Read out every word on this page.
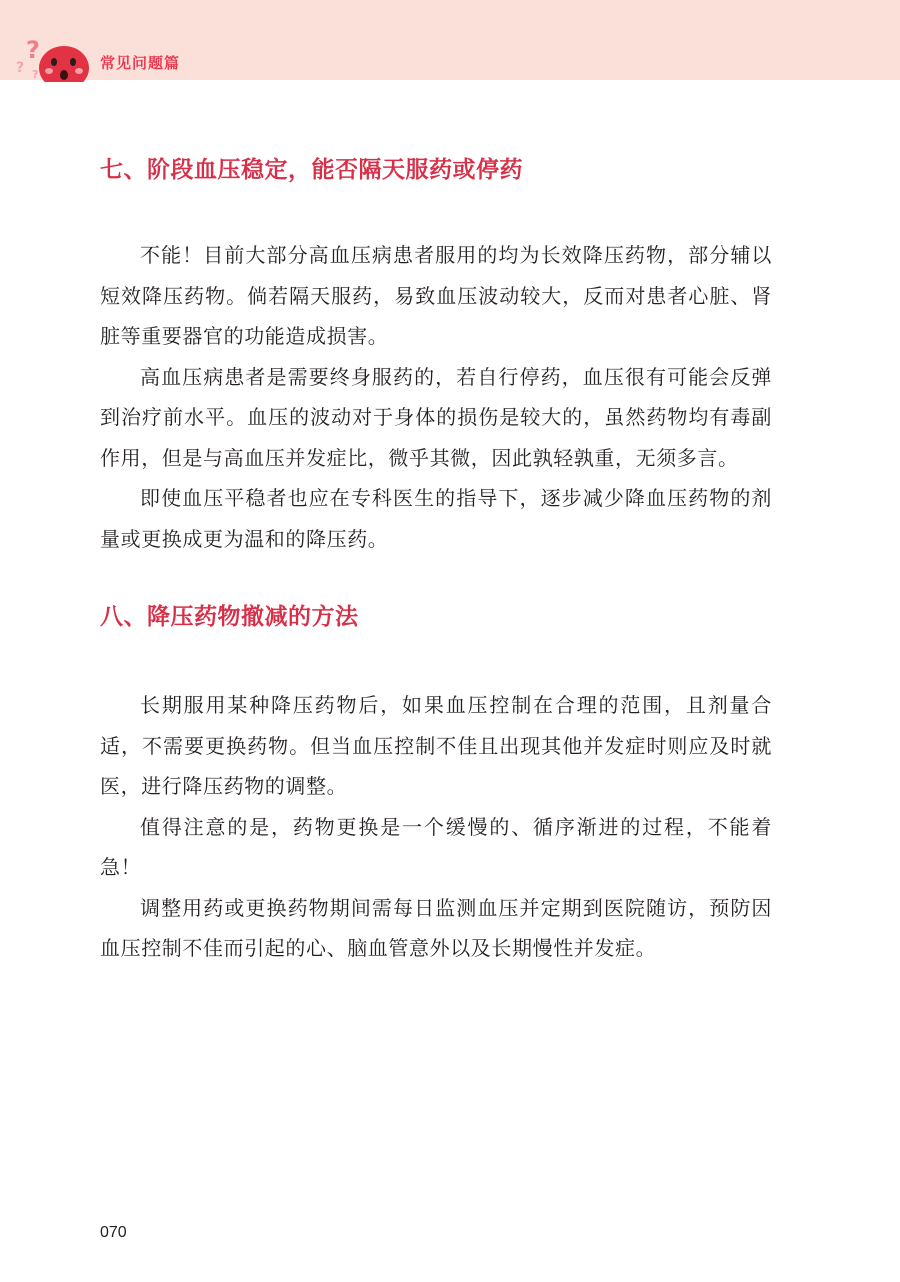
?
?
?
常见问题篇
七、阶段血压稳定，能否隔天服药或停药

不能！目前大部分高血压病患者服用的均为长效降压药物，部分辅以短效降压药物。倘若隔天服药，易致血压波动较大，反而对患者心脏、肾脏等重要器官的功能造成损害。

高血压病患者是需要终身服药的，若自行停药，血压很有可能会反弹到治疗前水平。血压的波动对于身体的损伤是较大的，虽然药物均有毒副作用，但是与高血压并发症比，微乎其微，因此孰轻孰重，无须多言。

即使血压平稳者也应在专科医生的指导下，逐步减少降血压药物的剂量或更换成更为温和的降压药。

八、降压药物撤减的方法

长期服用某种降压药物后，如果血压控制在合理的范围，且剂量合适，不需要更换药物。但当血压控制不佳且出现其他并发症时则应及时就医，进行降压药物的调整。

值得注意的是，药物更换是一个缓慢的、循序渐进的过程，不能着急！

调整用药或更换药物期间需每日监测血压并定期到医院随访，预防因血压控制不佳而引起的心、脑血管意外以及长期慢性并发症。

070
